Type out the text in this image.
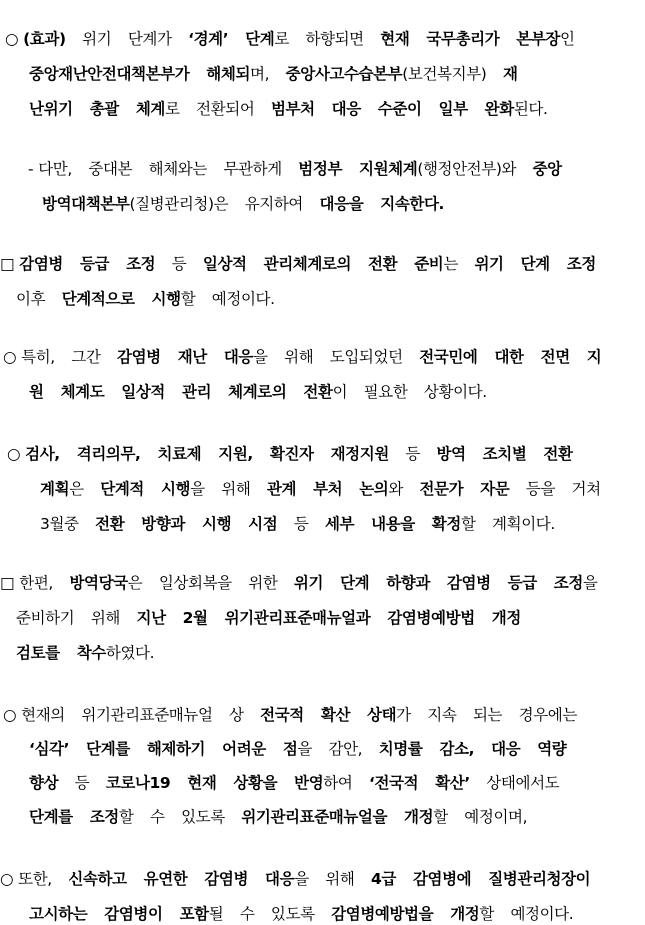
○ (효과) 위기 단계가 ‘경계’ 단계로 하향되면 현재 국무총리가 본부장인
중앙재난안전대책본부가 해체되며, 중앙사고수습본부(보건복지부) 재
난위기 총괄 체계로 전환되어 범부처 대응 수준이 일부 완화된다.
- 다만, 중대본 해체와는 무관하게 범정부 지원체계(행정안전부)와 중앙
방역대책본부(질병관리청)은 유지하여 대응을 지속한다.
□ 감염병 등급 조정 등 일상적 관리체계로의 전환 준비는 위기 단계 조정
이후 단계적으로 시행할 예정이다.
○ 특히, 그간 감염병 재난 대응을 위해 도입되었던 전국민에 대한 전면 지
원 체계도 일상적 관리 체계로의 전환이 필요한 상황이다.
○ 검사, 격리의무, 치료제 지원, 확진자 재정지원 등 방역 조치별 전환
계획은 단계적 시행을 위해 관계 부처 논의와 전문가 자문 등을 거쳐
3월중 전환 방향과 시행 시점 등 세부 내용을 확정할 계획이다.
□ 한편, 방역당국은 일상회복을 위한 위기 단계 하향과 감염병 등급 조정을
준비하기 위해 지난 2월 위기관리표준매뉴얼과 감염병예방법 개정
검토를 착수하였다.
○ 현재의 위기관리표준매뉴얼 상 전국적 확산 상태가 지속 되는 경우에는
‘심각’ 단계를 해제하기 어려운 점을 감안, 치명률 감소, 대응 역량
향상 등 코로나19 현재 상황을 반영하여 ‘전국적 확산’ 상태에서도
단계를 조정할 수 있도록 위기관리표준매뉴얼을 개정할 예정이며,
○ 또한, 신속하고 유연한 감염병 대응을 위해 4급 감염병에 질병관리청장이
고시하는 감염병이 포함될 수 있도록 감염병예방법을 개정할 예정이다.
